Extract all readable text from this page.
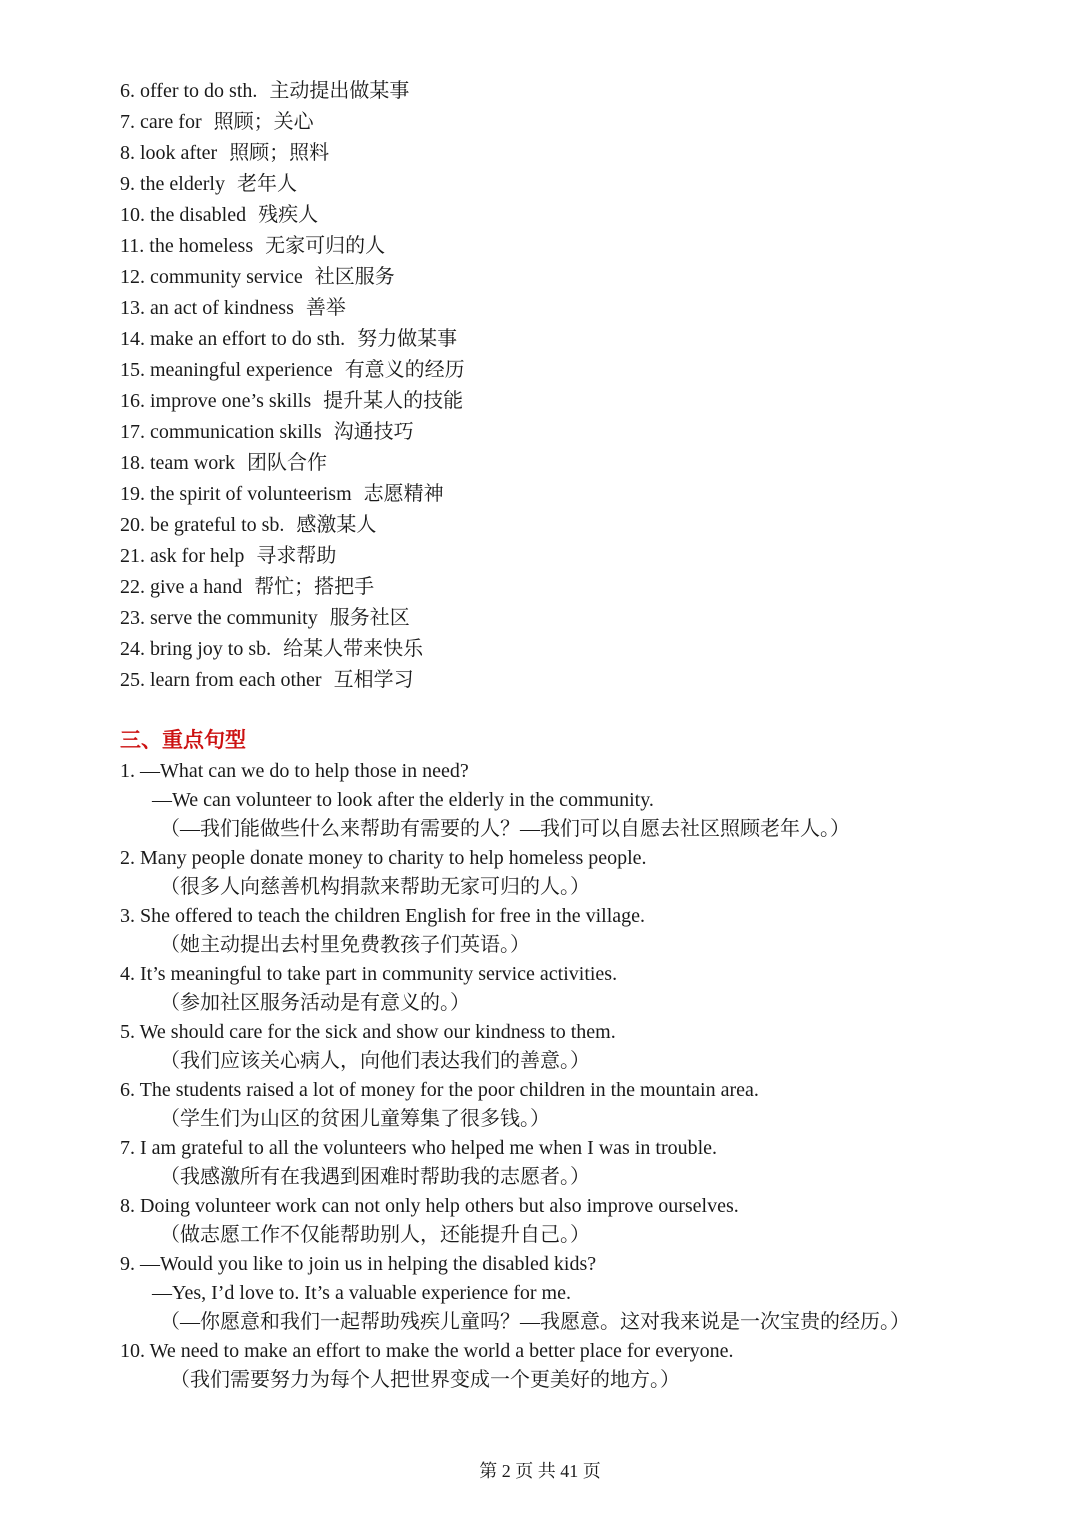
6. offer to do sth. 主动提出做某事
7. care for 照顾；关心
8. look after 照顾；照料
9. the elderly 老年人
10. the disabled 残疾人
11. the homeless 无家可归的人
12. community service 社区服务
13. an act of kindness 善举
14. make an effort to do sth. 努力做某事
15. meaningful experience 有意义的经历
16. improve one’s skills 提升某人的技能
17. communication skills 沟通技巧
18. team work 团队合作
19. the spirit of volunteerism 志愿精神
20. be grateful to sb. 感激某人
21. ask for help 寻求帮助
22. give a hand 帮忙；搭把手
23. serve the community 服务社区
24. bring joy to sb. 给某人带来快乐
25. learn from each other 互相学习
三、重点句型
1. —What can we do to help those in need?
—We can volunteer to look after the elderly in the community.
（—我们能做些什么来帮助有需要的人？—我们可以自愿去社区照顾老年人。）
2. Many people donate money to charity to help homeless people.
（很多人向慈善机构捐款来帮助无家可归的人。）
3. She offered to teach the children English for free in the village.
（她主动提出去村里免费教孩子们英语。）
4. It’s meaningful to take part in community service activities.
（参加社区服务活动是有意义的。）
5. We should care for the sick and show our kindness to them.
（我们应该关心病人，向他们表达我们的善意。）
6. The students raised a lot of money for the poor children in the mountain area.
（学生们为山区的贫困儿童筹集了很多钱。）
7. I am grateful to all the volunteers who helped me when I was in trouble.
（我感激所有在我遇到困难时帮助我的志愿者。）
8. Doing volunteer work can not only help others but also improve ourselves.
（做志愿工作不仅能帮助别人，还能提升自己。）
9. —Would you like to join us in helping the disabled kids?
—Yes, I’d love to. It’s a valuable experience for me.
（—你愿意和我们一起帮助残疾儿童吗？—我愿意。这对我来说是一次宝贵的经历。）
10. We need to make an effort to make the world a better place for everyone.
（我们需要努力为每个人把世界变成一个更美好的地方。）
第 2 页 共 41 页
